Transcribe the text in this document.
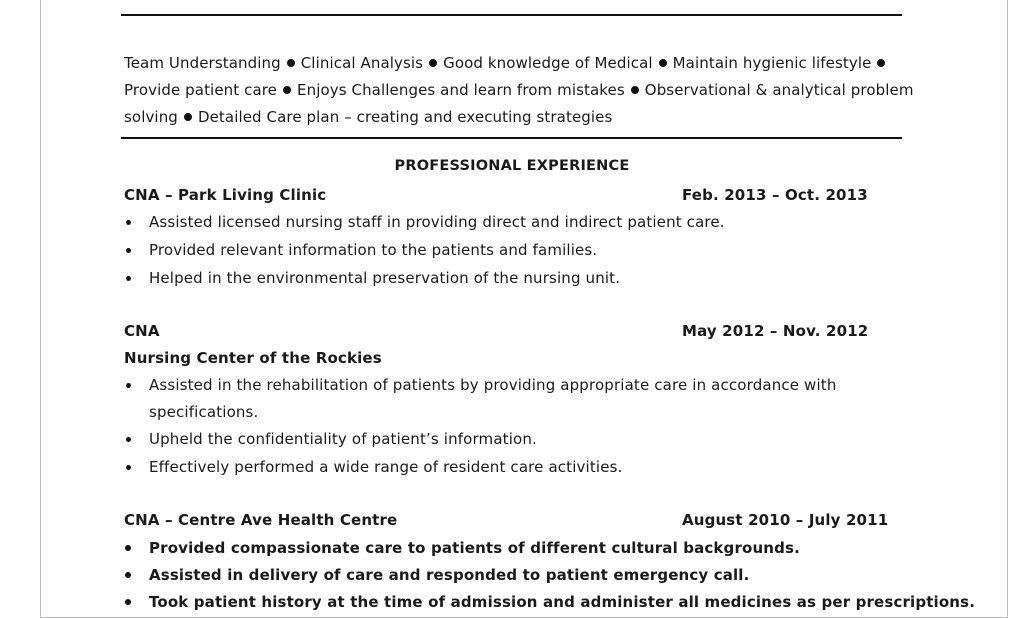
Team Understanding Clinical Analysis Good knowledge of Medical Maintain hygienic lifestyleProvide patient care Enjoys Challenges and learn from mistakes Observational & analytical problem solving Detailed Care plan – creating and executing strategies
PROFESSIONAL EXPERIENCE
CNA – Park Living Clinic	Feb. 2013 – Oct. 2013
Assisted licensed nursing staff in providing direct and indirect patient care.
Provided relevant information to the patients and families.
Helped in the environmental preservation of the nursing unit.
CNA	May 2012 – Nov. 2012
Nursing Center of the Rockies
Assisted in the rehabilitation of patients by providing appropriate care in accordance with specifications.
Upheld the confidentiality of patient’s information.
Effectively performed a wide range of resident care activities.
CNA – Centre Ave Health Centre	August 2010 – July 2011
Provided compassionate care to patients of different cultural backgrounds.
Assisted in delivery of care and responded to patient emergency call.
Took patient history at the time of admission and administer all medicines as per prescriptions.
